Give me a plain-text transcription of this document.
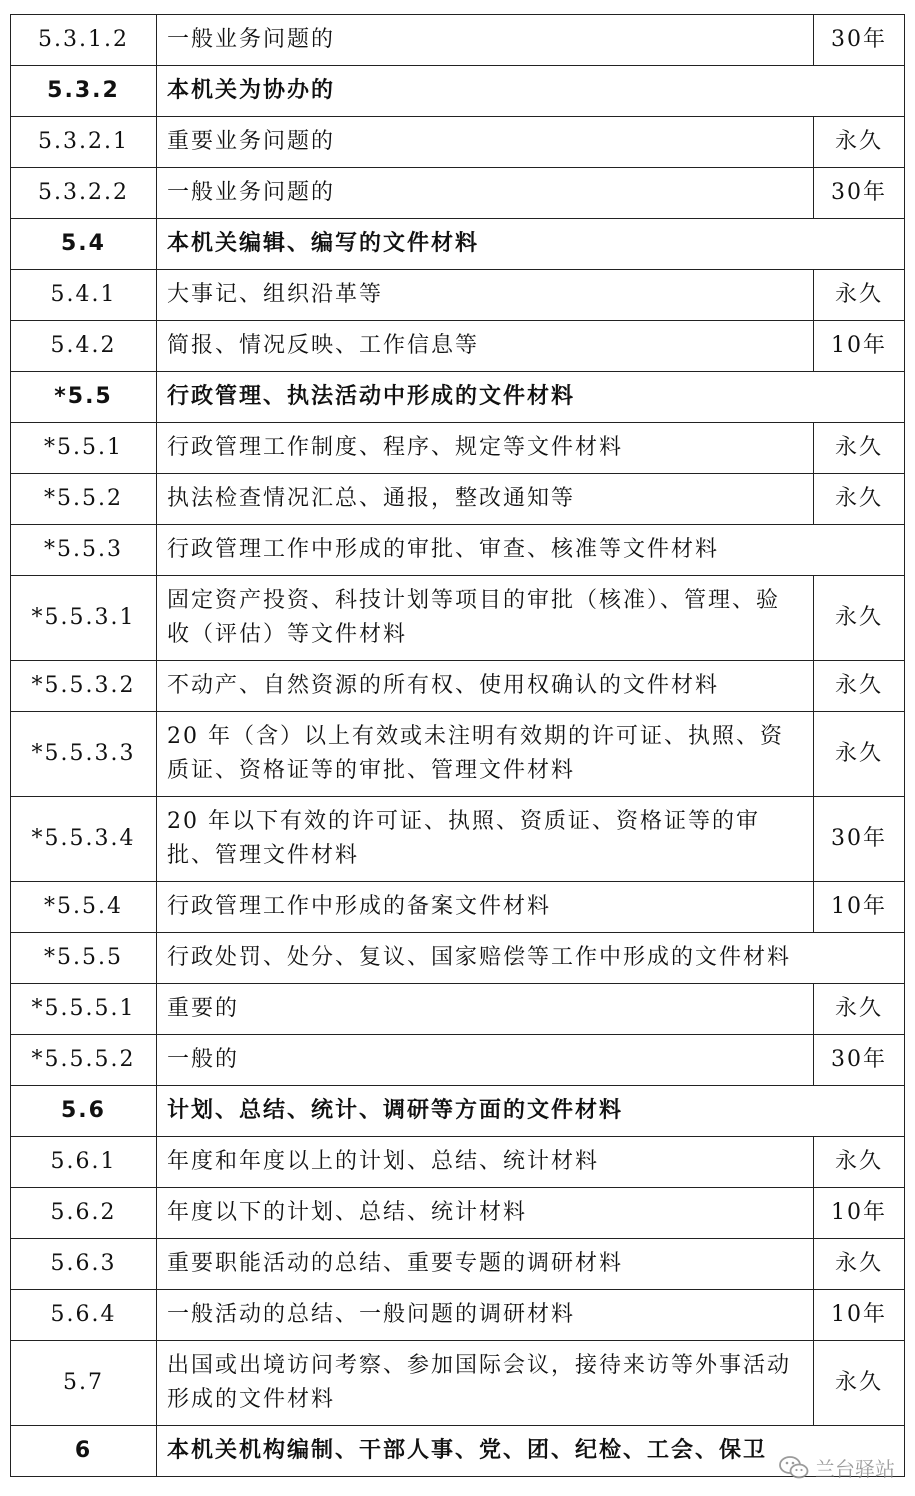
5.3.1.2	一般业务问题的	30年
5.3.2	本机关为协办的	
5.3.2.1	重要业务问题的	永久
5.3.2.2	一般业务问题的	30年
5.4	本机关编辑、编写的文件材料	
5.4.1	大事记、组织沿革等	永久
5.4.2	简报、情况反映、工作信息等	10年
*5.5	行政管理、执法活动中形成的文件材料	
*5.5.1	行政管理工作制度、程序、规定等文件材料	永久
*5.5.2	执法检查情况汇总、通报，整改通知等	永久
*5.5.3	行政管理工作中形成的审批、审查、核准等文件材料	
*5.5.3.1	固定资产投资、科技计划等项目的审批（核准）、管理、验收（评估）等文件材料	永久
*5.5.3.2	不动产、自然资源的所有权、使用权确认的文件材料	永久
*5.5.3.3	20 年（含）以上有效或未注明有效期的许可证、执照、资质证、资格证等的审批、管理文件材料	永久
*5.5.3.4	20 年以下有效的许可证、执照、资质证、资格证等的审批、管理文件材料	30年
*5.5.4	行政管理工作中形成的备案文件材料	10年
*5.5.5	行政处罚、处分、复议、国家赔偿等工作中形成的文件材料	
*5.5.5.1	重要的	永久
*5.5.5.2	一般的	30年
5.6	计划、总结、统计、调研等方面的文件材料	
5.6.1	年度和年度以上的计划、总结、统计材料	永久
5.6.2	年度以下的计划、总结、统计材料	10年
5.6.3	重要职能活动的总结、重要专题的调研材料	永久
5.6.4	一般活动的总结、一般问题的调研材料	10年
5.7	出国或出境访问考察、参加国际会议，接待来访等外事活动形成的文件材料	永久
6	本机关机构编制、干部人事、党、团、纪检、工会、保卫	
兰台驿站
